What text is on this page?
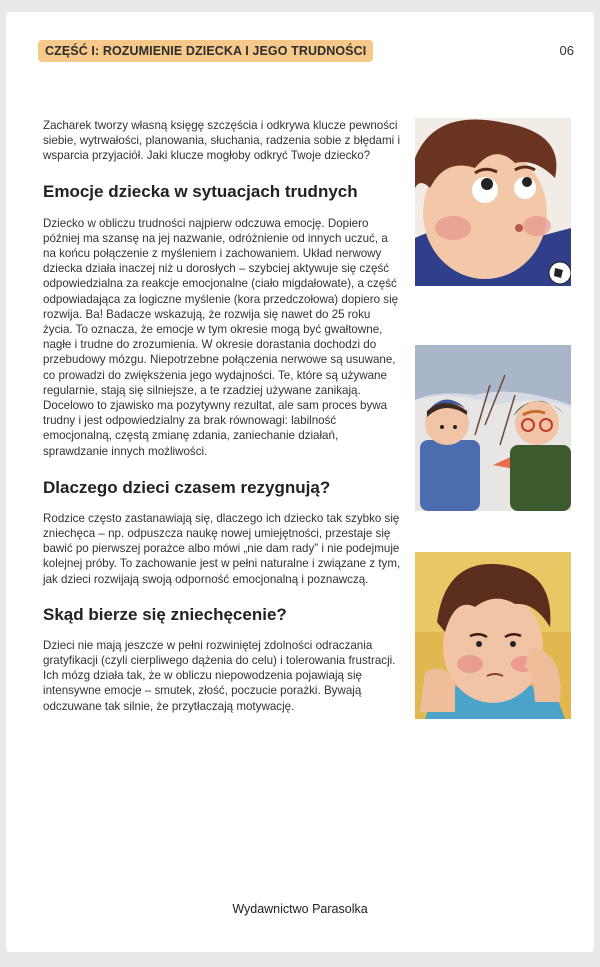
CZĘŚĆ I: ROZUMIENIE DZIECKA I JEGO TRUDNOŚCI	06

Zacharek tworzy własną księgę szczęścia i odkrywa klucze pewności siebie, wytrwałości, planowania, słuchania, radzenia sobie z błędami i wsparcia przyjaciół. Jaki klucze mogłoby odkryć Twoje dziecko?

Emocje dziecka w sytuacjach trudnych

Dziecko w obliczu trudności najpierw odczuwa emocję. Dopiero później ma szansę na jej nazwanie, odróżnienie od innych uczuć, a na końcu połączenie z myśleniem i zachowaniem. Układ nerwowy dziecka działa inaczej niż u dorosłych – szybciej aktywuje się część odpowiedzialna za reakcje emocjonalne (ciało migdałowate), a część odpowiadająca za logiczne myślenie (kora przedczołowa) dopiero się rozwija. Ba! Badacze wskazują, że rozwija się nawet do 25 roku życia. To oznacza, że emocje w tym okresie mogą być gwałtowne, nagłe i trudne do zrozumienia. W okresie dorastania dochodzi do przebudowy mózgu. Niepotrzebne połączenia nerwowe są usuwane, co prowadzi do zwiększenia jego wydajności. Te, które są używane regularnie, stają się silniejsze, a te rzadziej używane zanikają. Docelowo to zjawisko ma pozytywny rezultat, ale sam proces bywa trudny i jest odpowiedzialny za brak równowagi: labilność emocjonalną, częstą zmianę zdania, zaniechanie działań, sprawdzanie innych możliwości.

Dlaczego dzieci czasem rezygnują?

Rodzice często zastanawiają się, dlaczego ich dziecko tak szybko się zniechęca – np. odpuszcza naukę nowej umiejętności, przestaje się bawić po pierwszej porażce albo mówi „nie dam rady” i nie podejmuje kolejnej próby. To zachowanie jest w pełni naturalne i związane z tym, jak dzieci rozwijają swoją odporność emocjonalną i poznawczą.

Skąd bierze się zniechęcenie?

Dzieci nie mają jeszcze w pełni rozwiniętej zdolności odraczania gratyfikacji (czyli cierpliwego dążenia do celu) i tolerowania frustracji. Ich mózg działa tak, że w obliczu niepowodzenia pojawiają się intensywne emocje – smutek, złość, poczucie porażki. Bywają odczuwane tak silnie, że przytłaczają motywację.

Wydawnictwo Parasolka
